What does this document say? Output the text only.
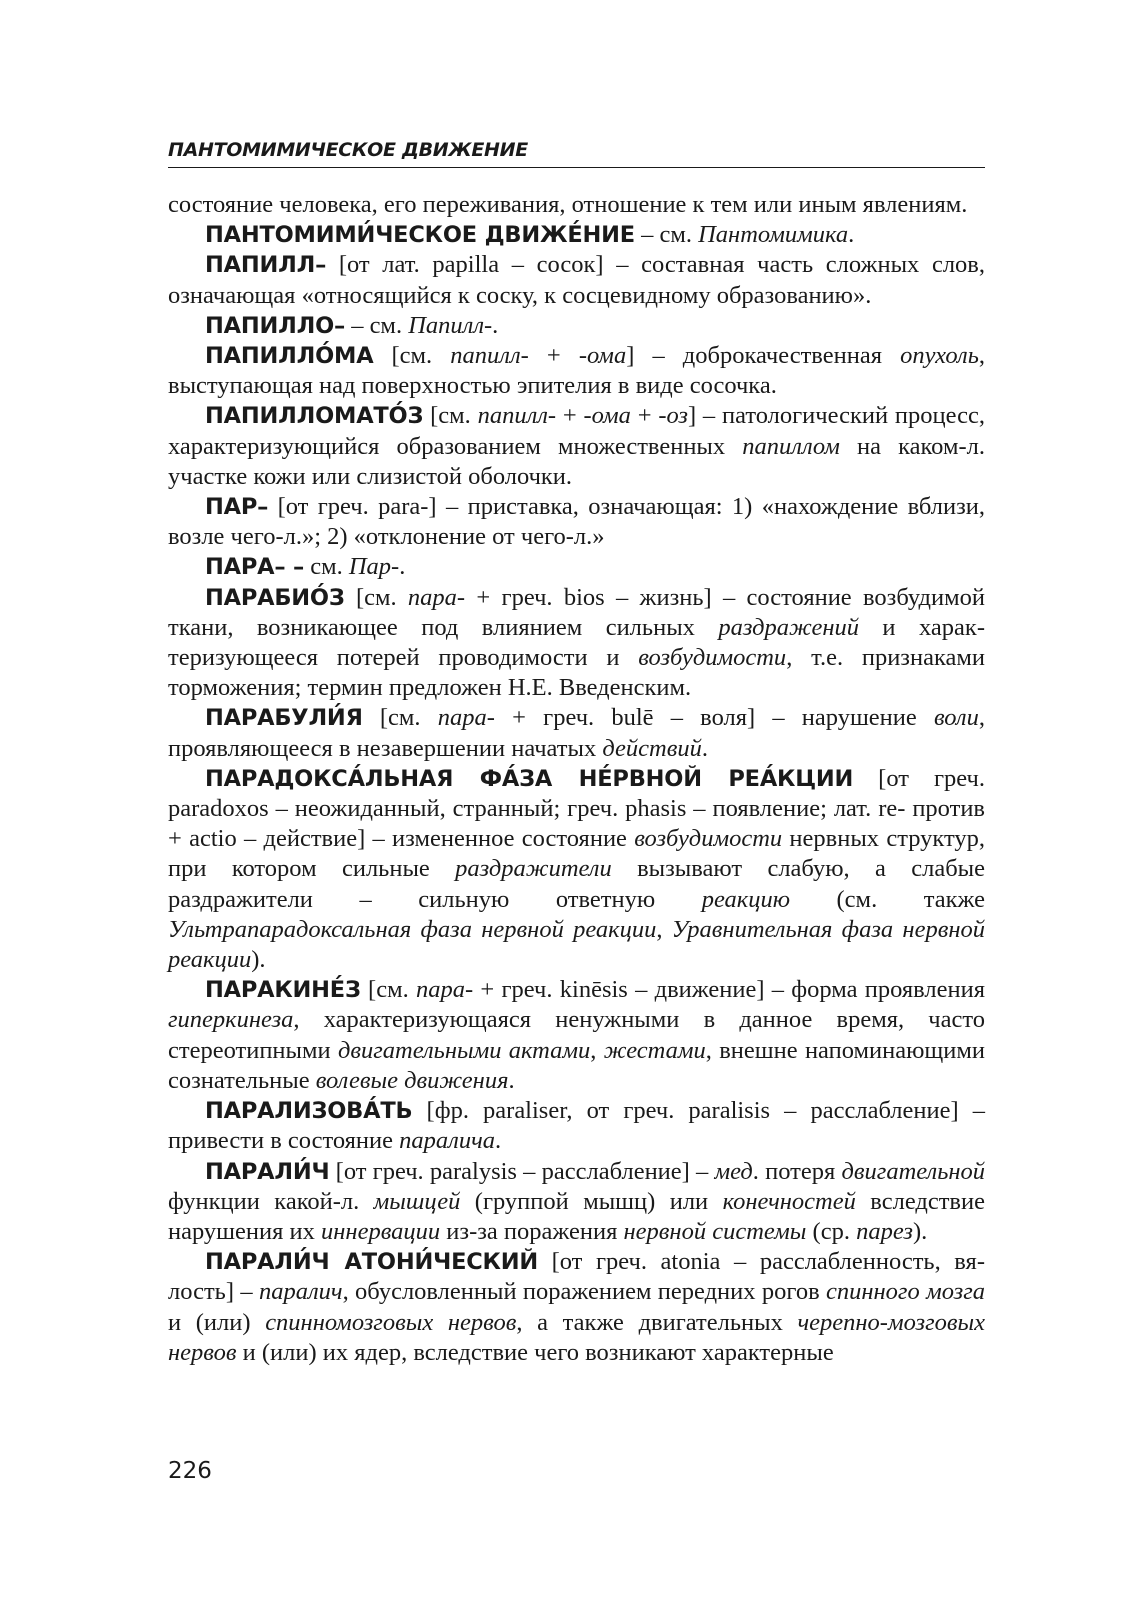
ПАНТОМИМИЧЕСКОЕ ДВИЖЕНИЕ

состояние человека, его переживания, отношение к тем или иным явлениям.

ПАНТОМИМИ́ЧЕСКОЕ ДВИЖЕ́НИЕ – см. Пантомимика.

ПАПИЛЛ– [от лат. papilla – сосок] – составная часть сложных слов, означающая «относящийся к соску, к сосцевидному образованию».

ПАПИЛЛО– – см. Папилл-.

ПАПИЛЛО́МА [см. папилл- + -ома] – доброкачественная опухоль, выступающая над поверхностью эпителия в виде сосочка.

ПАПИЛЛОМАТО́З [см. папилл- + -ома + -оз] – патологический процесс, характеризующийся образованием множественных папиллом на каком-л. участке кожи или слизистой оболочки.

ПАР– [от греч. para-] – приставка, означающая: 1) «нахождение вблизи, возле чего-л.»; 2) «отклонение от чего-л.»

ПАРА– – см. Пар-.

ПАРАБИО́З [см. пара- + греч. bios – жизнь] – состояние возбудимой ткани, возникающее под влиянием сильных раздражений и характеризующееся потерей проводимости и возбудимости, т.е. признаками торможения; термин предложен Н.Е. Введенским.

ПАРАБУЛИ́Я [см. пара- + греч. bulē – воля] – нарушение воли, проявляющееся в незавершении начатых действий.

ПАРАДОКСА́ЛЬНАЯ ФА́ЗА НЕ́РВНОЙ РЕА́КЦИИ [от греч. paradoxos – неожиданный, странный; греч. phasis – появление; лат. re- против + actio – действие] – измененное состояние возбудимости нервных структур, при котором сильные раздражители вызывают слабую, а слабые раздражители – сильную ответную реакцию (см. также Ультрапарадоксальная фаза нервной реакции, Уравнительная фаза нервной реакции).

ПАРАКИНЕ́З [см. пара- + греч. kinēsis – движение] – форма проявления гиперкинеза, характеризующаяся ненужными в данное время, часто стереотипными двигательными актами, жестами, внешне напоминающими сознательные волевые движения.

ПАРАЛИЗОВА́ТЬ [фр. paraliser, от греч. paralisis – расслабление] – привести в состояние паралича.

ПАРАЛИ́Ч [от греч. paralysis – расслабление] – мед. потеря двигательной функции какой-л. мышцей (группой мышц) или конечностей вследствие нарушения их иннервации из-за поражения нервной системы (ср. парез).

ПАРАЛИ́Ч АТОНИ́ЧЕСКИЙ [от греч. atonia – расслабленность, вялость] – паралич, обусловленный поражением передних рогов спинного мозга и (или) спинномозговых нервов, а также двигательных черепно-мозговых нервов и (или) их ядер, вследствие чего возникают характерные

226
